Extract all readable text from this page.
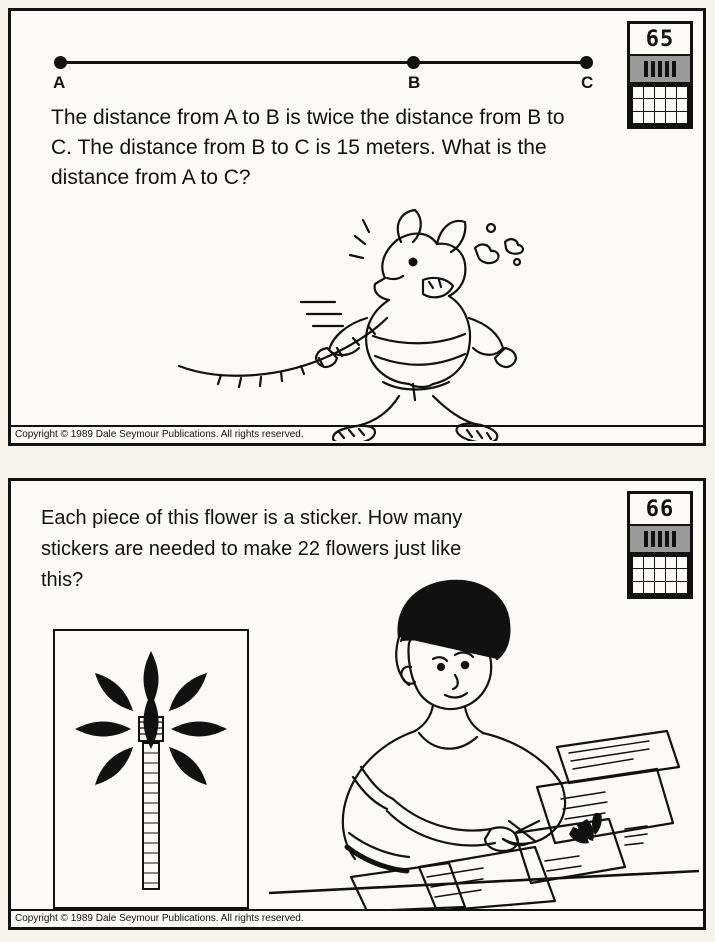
65
A	B	C
The distance from A to B is twice the distance from B to C. The distance from B to C is 15 meters. What is the distance from A to C?
Copyright © 1989 Dale Seymour Publications. All rights reserved.
66
Each piece of this flower is a sticker. How many stickers are needed to make 22 flowers just like this?
Copyright © 1989 Dale Seymour Publications. All rights reserved.
